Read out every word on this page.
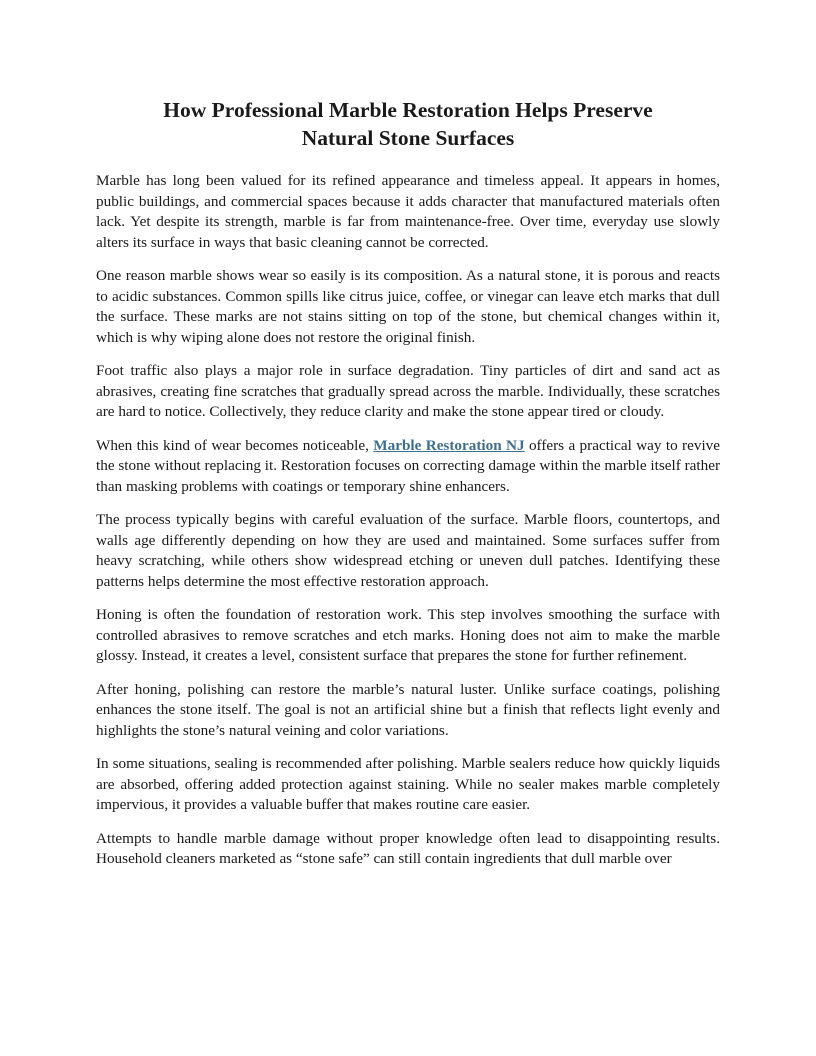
How Professional Marble Restoration Helps Preserve
Natural Stone Surfaces

Marble has long been valued for its refined appearance and timeless appeal. It appears in homes, public buildings, and commercial spaces because it adds character that manufactured materials often lack. Yet despite its strength, marble is far from maintenance-free. Over time, everyday use slowly alters its surface in ways that basic cleaning cannot be corrected.

One reason marble shows wear so easily is its composition. As a natural stone, it is porous and reacts to acidic substances. Common spills like citrus juice, coffee, or vinegar can leave etch marks that dull the surface. These marks are not stains sitting on top of the stone, but chemical changes within it, which is why wiping alone does not restore the original finish.

Foot traffic also plays a major role in surface degradation. Tiny particles of dirt and sand act as abrasives, creating fine scratches that gradually spread across the marble. Individually, these scratches are hard to notice. Collectively, they reduce clarity and make the stone appear tired or cloudy.

When this kind of wear becomes noticeable, Marble Restoration NJ offers a practical way to revive the stone without replacing it. Restoration focuses on correcting damage within the marble itself rather than masking problems with coatings or temporary shine enhancers.

The process typically begins with careful evaluation of the surface. Marble floors, countertops, and walls age differently depending on how they are used and maintained. Some surfaces suffer from heavy scratching, while others show widespread etching or uneven dull patches. Identifying these patterns helps determine the most effective restoration approach.

Honing is often the foundation of restoration work. This step involves smoothing the surface with controlled abrasives to remove scratches and etch marks. Honing does not aim to make the marble glossy. Instead, it creates a level, consistent surface that prepares the stone for further refinement.

After honing, polishing can restore the marble’s natural luster. Unlike surface coatings, polishing enhances the stone itself. The goal is not an artificial shine but a finish that reflects light evenly and highlights the stone’s natural veining and color variations.

In some situations, sealing is recommended after polishing. Marble sealers reduce how quickly liquids are absorbed, offering added protection against staining. While no sealer makes marble completely impervious, it provides a valuable buffer that makes routine care easier.

Attempts to handle marble damage without proper knowledge often lead to disappointing results. Household cleaners marketed as “stone safe” can still contain ingredients that dull marble over
